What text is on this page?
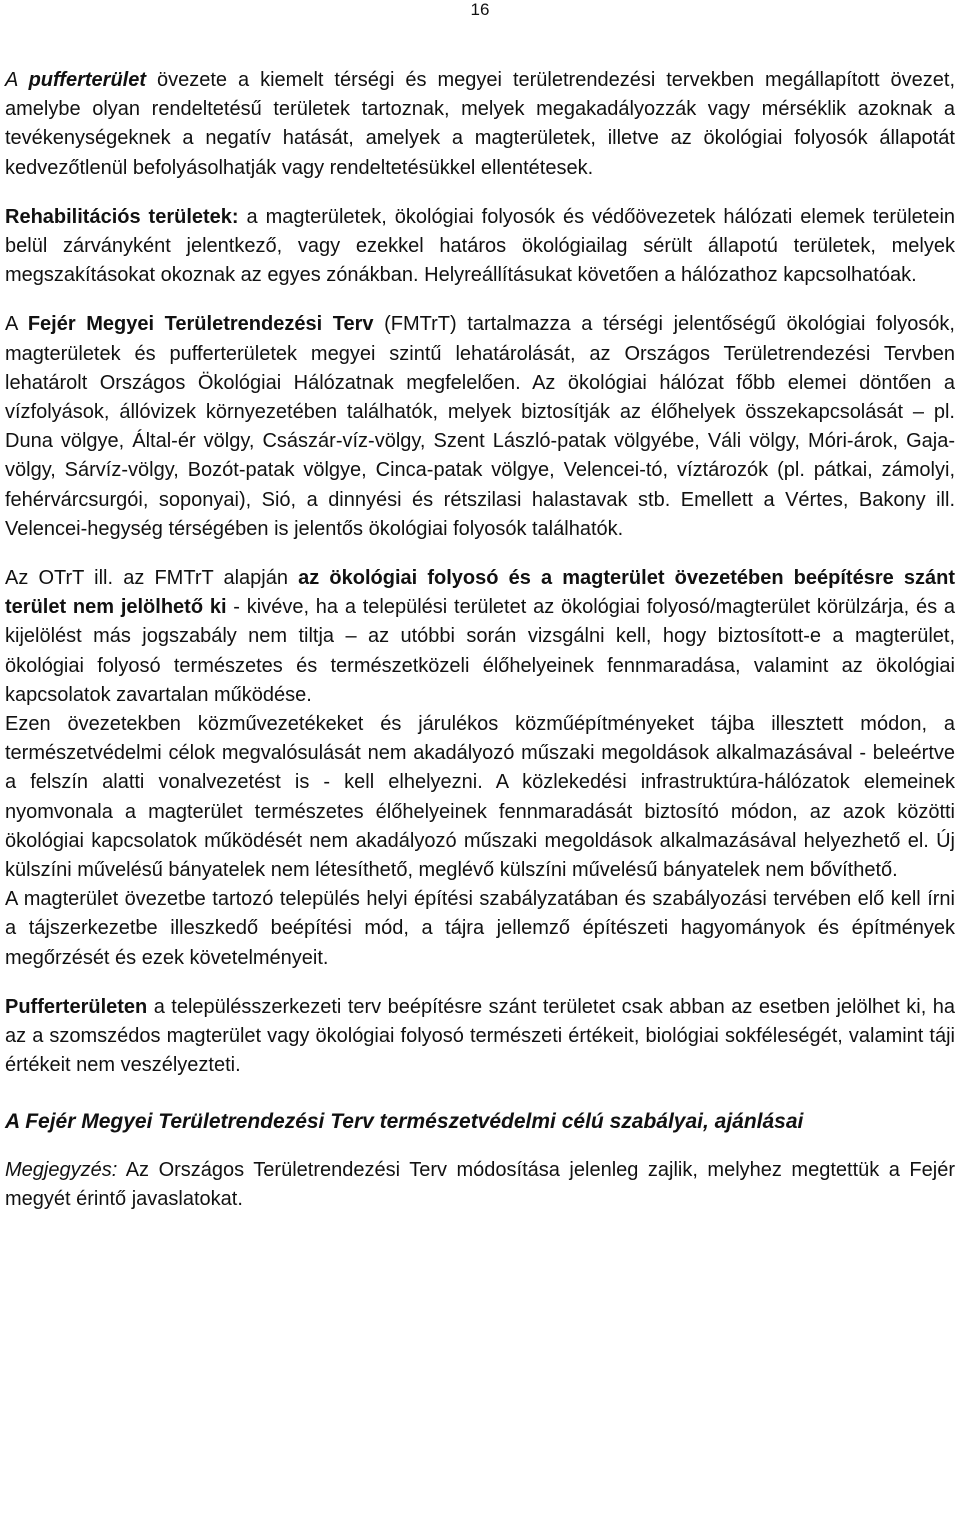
16

A pufferterület övezete a kiemelt térségi és megyei területrendezési tervekben megállapított övezet, amelybe olyan rendeltetésű területek tartoznak, melyek megakadályozzák vagy mérséklik azoknak a tevékenységeknek a negatív hatását, amelyek a magterületek, illetve az ökológiai folyosók állapotát kedvezőtlenül befolyásolhatják vagy rendeltetésükkel ellentétesek.

Rehabilitációs területek: a magterületek, ökológiai folyosók és védőövezetek hálózati elemek területein belül zárványként jelentkező, vagy ezekkel határos ökológiailag sérült állapotú területek, melyek megszakításokat okoznak az egyes zónákban. Helyreállításukat követően a hálózathoz kapcsolhatóak.

A Fejér Megyei Területrendezési Terv (FMTrT) tartalmazza a térségi jelentőségű ökológiai folyosók, magterületek és pufferterületek megyei szintű lehatárolását, az Országos Területrendezési Tervben lehatárolt Országos Ökológiai Hálózatnak megfelelően. Az ökológiai hálózat főbb elemei döntően a vízfolyások, állóvizek környezetében találhatók, melyek biztosítják az élőhelyek összekapcsolását – pl. Duna völgye, Által-ér völgy, Császár-víz-völgy, Szent László-patak völgyébe, Váli völgy, Móri-árok, Gaja-völgy, Sárvíz-völgy, Bozót-patak völgye, Cinca-patak völgye, Velencei-tó, víztározók (pl. pátkai, zámolyi, fehérvárcsurgói, soponyai), Sió, a dinnyési és rétszilasi halastavak stb. Emellett a Vértes, Bakony ill. Velencei-hegység térségében is jelentős ökológiai folyosók találhatók.

Az OTrT ill. az FMTrT alapján az ökológiai folyosó és a magterület övezetében beépítésre szánt terület nem jelölhető ki - kivéve, ha a települési területet az ökológiai folyosó/magterület körülzárja, és a kijelölést más jogszabály nem tiltja – az utóbbi során vizsgálni kell, hogy biztosított-e a magterület, ökológiai folyosó természetes és természetközeli élőhelyeinek fennmaradása, valamint az ökológiai kapcsolatok zavartalan működése.

Ezen övezetekben közművezetékeket és járulékos közműépítményeket tájba illesztett módon, a természetvédelmi célok megvalósulását nem akadályozó műszaki megoldások alkalmazásával - beleértve a felszín alatti vonalvezetést is - kell elhelyezni. A közlekedési infrastruktúra-hálózatok elemeinek nyomvonala a magterület természetes élőhelyeinek fennmaradását biztosító módon, az azok közötti ökológiai kapcsolatok működését nem akadályozó műszaki megoldások alkalmazásával helyezhető el. Új külszíni művelésű bányatelek nem létesíthető, meglévő külszíni művelésű bányatelek nem bővíthető.

A magterület övezetbe tartozó település helyi építési szabályzatában és szabályozási tervében elő kell írni a tájszerkezetbe illeszkedő beépítési mód, a tájra jellemző építészeti hagyományok és építmények megőrzését és ezek követelményeit.

Pufferterületen a településszerkezeti terv beépítésre szánt területet csak abban az esetben jelölhet ki, ha az a szomszédos magterület vagy ökológiai folyosó természeti értékeit, biológiai sokféleségét, valamint táji értékeit nem veszélyezteti.

A Fejér Megyei Területrendezési Terv természetvédelmi célú szabályai, ajánlásai

Megjegyzés: Az Országos Területrendezési Terv módosítása jelenleg zajlik, melyhez megtettük a Fejér megyét érintő javaslatokat.
